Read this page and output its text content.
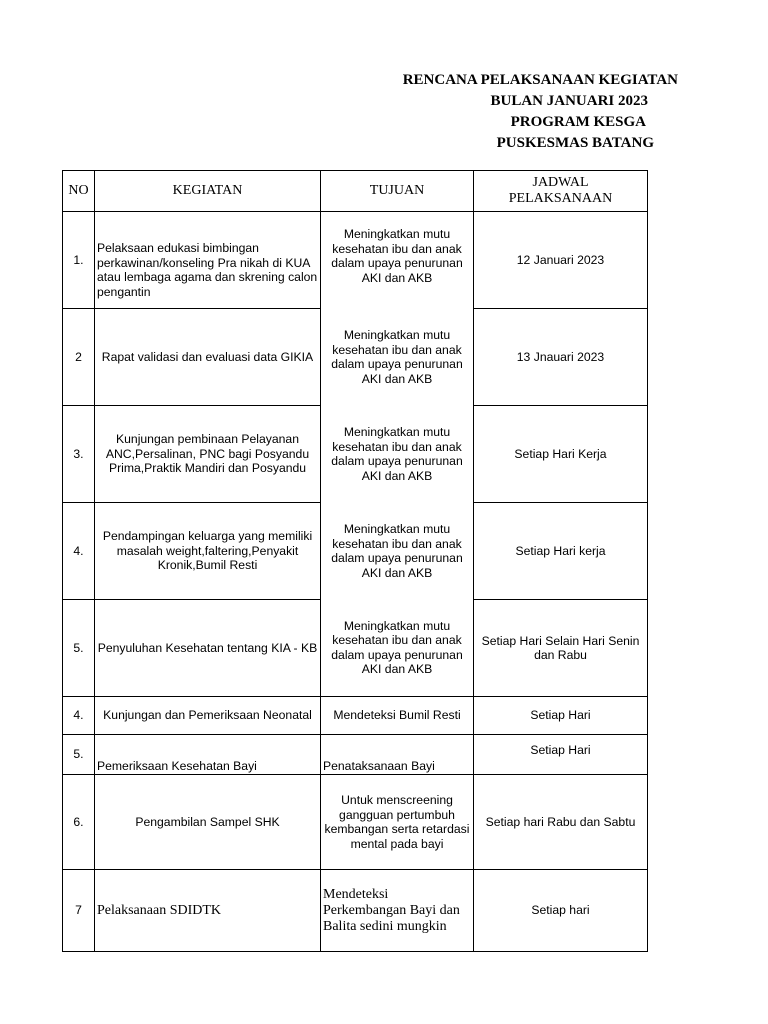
RENCANA PELAKSANAAN KEGIATAN
BULAN JANUARI 2023
PROGRAM KESGA
PUSKESMAS BATANG
NO	KEGIATAN	TUJUAN	JADWAL
PELAKSANAAN

1.	Pelaksaan edukasi bimbingan perkawinan/konseling Pra nikah di KUA atau lembaga agama dan skrening calon pengantin	Meningkatkan mutu kesehatan ibu dan anak dalam upaya penurunan AKI dan AKB	12 Januari 2023
2	Rapat validasi dan evaluasi data GIKIA	Meningkatkan mutu kesehatan ibu dan anak dalam upaya penurunan AKI dan AKB	13 Jnauari 2023
3.	Kunjungan pembinaan Pelayanan ANC,Persalinan, PNC bagi Posyandu Prima,Praktik Mandiri dan Posyandu	Meningkatkan mutu kesehatan ibu dan anak dalam upaya penurunan AKI dan AKB	Setiap Hari Kerja
4.	Pendampingan keluarga yang memiliki masalah weight,faltering,Penyakit Kronik,Bumil Resti	Meningkatkan mutu kesehatan ibu dan anak dalam upaya penurunan AKI dan AKB	Setiap Hari kerja
5.	Penyuluhan Kesehatan tentang KIA - KB	Meningkatkan mutu kesehatan ibu dan anak dalam upaya penurunan AKI dan AKB	Setiap Hari Selain Hari Senin dan Rabu
4.	Kunjungan dan Pemeriksaan Neonatal	Mendeteksi Bumil Resti	Setiap Hari
5.	Pemeriksaan Kesehatan Bayi	Penataksanaan Bayi	Setiap Hari
6.	Pengambilan Sampel SHK	Untuk menscreening gangguan pertumbuh kembangan serta retardasi mental pada bayi	Setiap hari Rabu dan Sabtu
7	Pelaksanaan SDIDTK	Mendeteksi Perkembangan Bayi dan Balita sedini mungkin	Setiap hari
